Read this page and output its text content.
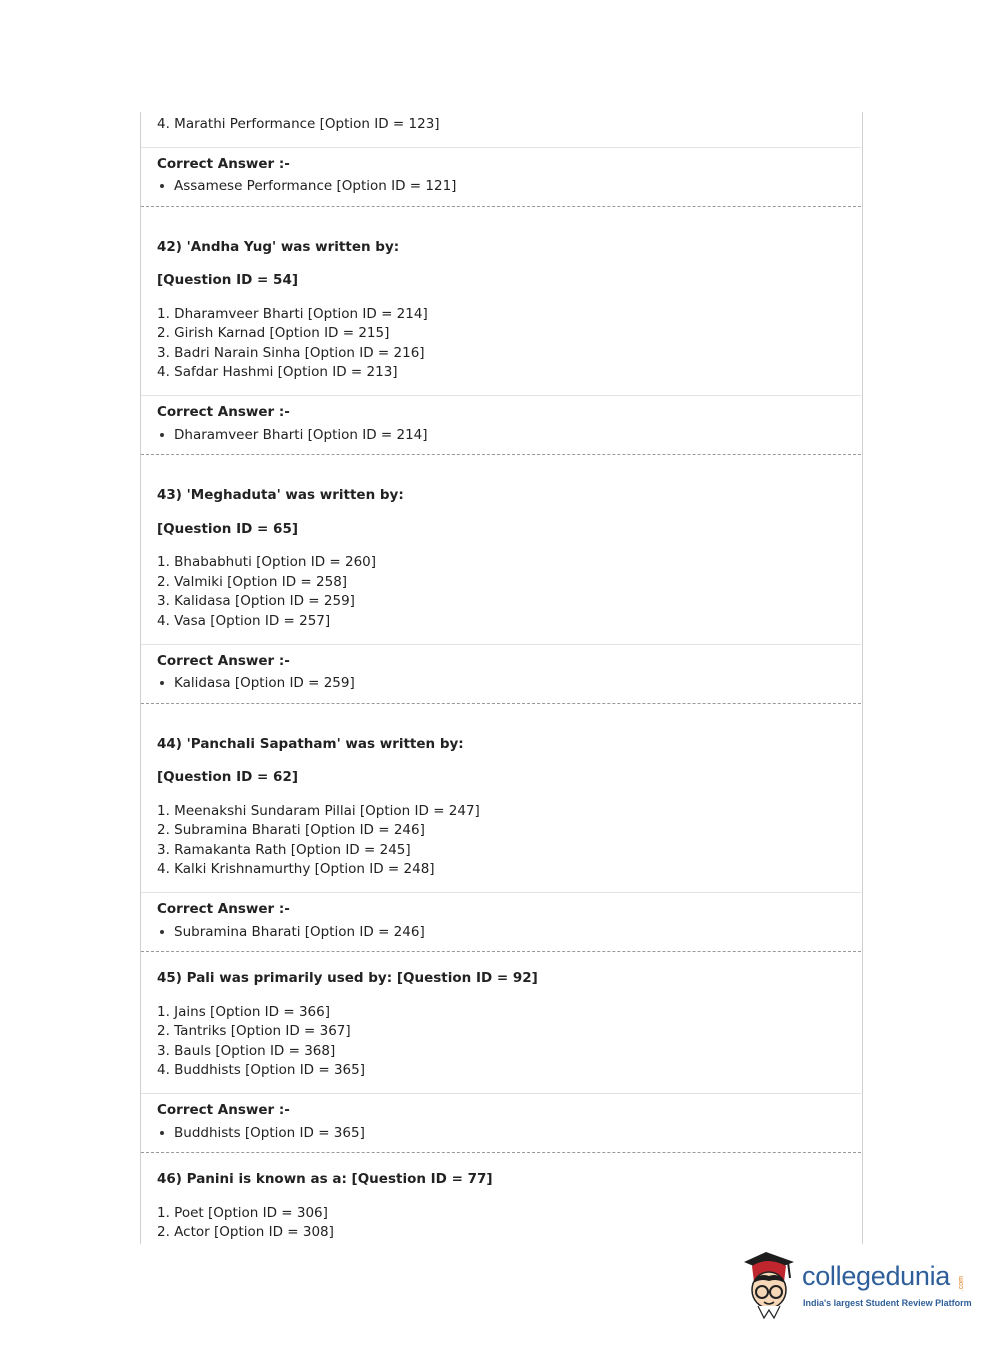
4. Marathi Performance [Option ID = 123]
Correct Answer :-
Assamese Performance [Option ID = 121]
42) 'Andha Yug' was written by:
[Question ID = 54]
1. Dharamveer Bharti [Option ID = 214]
2. Girish Karnad [Option ID = 215]
3. Badri Narain Sinha [Option ID = 216]
4. Safdar Hashmi [Option ID = 213]
Correct Answer :-
Dharamveer Bharti [Option ID = 214]
43) 'Meghaduta' was written by:
[Question ID = 65]
1. Bhababhuti [Option ID = 260]
2. Valmiki [Option ID = 258]
3. Kalidasa [Option ID = 259]
4. Vasa [Option ID = 257]
Correct Answer :-
Kalidasa [Option ID = 259]
44) 'Panchali Sapatham' was written by:
[Question ID = 62]
1. Meenakshi Sundaram Pillai [Option ID = 247]
2. Subramina Bharati [Option ID = 246]
3. Ramakanta Rath [Option ID = 245]
4. Kalki Krishnamurthy [Option ID = 248]
Correct Answer :-
Subramina Bharati [Option ID = 246]
45) Pali was primarily used by: [Question ID = 92]
1. Jains [Option ID = 366]
2. Tantriks [Option ID = 367]
3. Bauls [Option ID = 368]
4. Buddhists [Option ID = 365]
Correct Answer :-
Buddhists [Option ID = 365]
46) Panini is known as a: [Question ID = 77]
1. Poet [Option ID = 306]
2. Actor [Option ID = 308]
collegedunia .com
India's largest Student Review Platform
